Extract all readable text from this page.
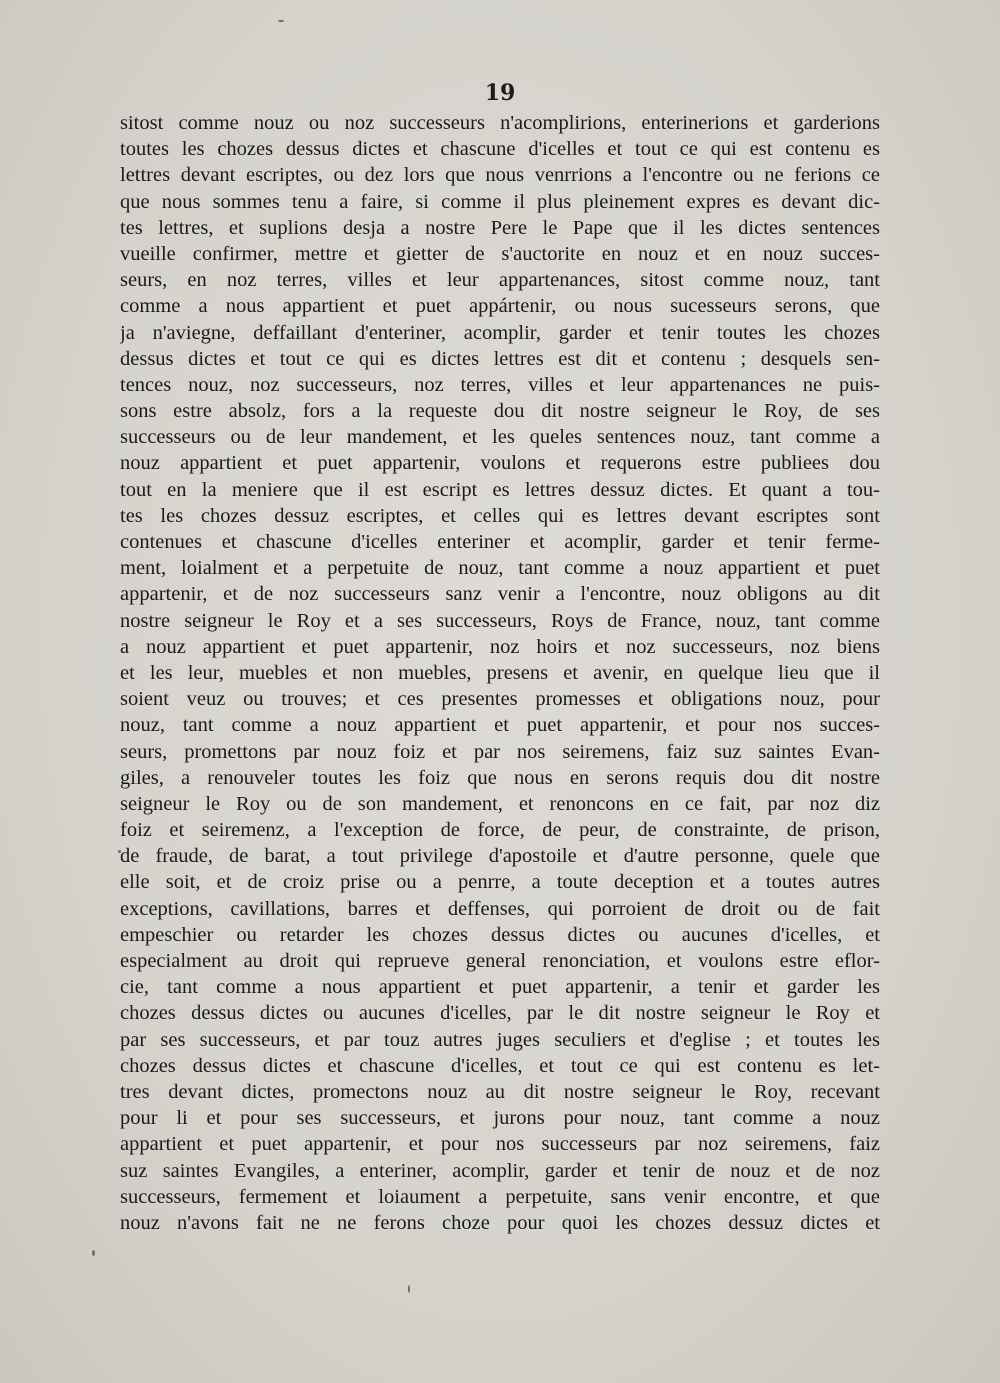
19
sitost comme nouz ou noz successeurs n'acomplirions, enterinerions et garderions
toutes les chozes dessus dictes et chascune d'icelles et tout ce qui est contenu es
lettres devant escriptes, ou dez lors que nous venrrions a l'encontre ou ne ferions ce
que nous sommes tenu a faire, si comme il plus pleinement expres es devant dic-
tes lettres, et suplions desja a nostre Pere le Pape que il les dictes sentences
vueille confirmer, mettre et gietter de s'auctorite en nouz et en nouz succes-
seurs, en noz terres, villes et leur appartenances, sitost comme nouz, tant
comme a nous appartient et puet appártenir, ou nous sucesseurs serons, que
ja n'aviegne, deffaillant d'enteriner, acomplir, garder et tenir toutes les chozes
dessus dictes et tout ce qui es dictes lettres est dit et contenu ; desquels sen-
tences nouz, noz successeurs, noz terres, villes et leur appartenances ne puis-
sons estre absolz, fors a la requeste dou dit nostre seigneur le Roy, de ses
successeurs ou de leur mandement, et les queles sentences nouz, tant comme a
nouz appartient et puet appartenir, voulons et requerons estre publiees dou
tout en la meniere que il est escript es lettres dessuz dictes. Et quant a tou-
tes les chozes dessuz escriptes, et celles qui es lettres devant escriptes sont
contenues et chascune d'icelles enteriner et acomplir, garder et tenir ferme-
ment, loialment et a perpetuite de nouz, tant comme a nouz appartient et puet
appartenir, et de noz successeurs sanz venir a l'encontre, nouz obligons au dit
nostre seigneur le Roy et a ses successeurs, Roys de France, nouz, tant comme
a nouz appartient et puet appartenir, noz hoirs et noz successeurs, noz biens
et les leur, muebles et non muebles, presens et avenir, en quelque lieu que il
soient veuz ou trouves; et ces presentes promesses et obligations nouz, pour
nouz, tant comme a nouz appartient et puet appartenir, et pour nos succes-
seurs, promettons par nouz foiz et par nos seiremens, faiz suz saintes Evan-
giles, a renouveler toutes les foiz que nous en serons requis dou dit nostre
seigneur le Roy ou de son mandement, et renoncons en ce fait, par noz diz
foiz et seiremenz, a l'exception de force, de peur, de constrainte, de prison,
de fraude, de barat, a tout privilege d'apostoile et d'autre personne, quele que
elle soit, et de croiz prise ou a penrre, a toute deception et a toutes autres
exceptions, cavillations, barres et deffenses, qui porroient de droit ou de fait
empeschier ou retarder les chozes dessus dictes ou aucunes d'icelles, et
especialment au droit qui reprueve general renonciation, et voulons estre eflor-
cie, tant comme a nous appartient et puet appartenir, a tenir et garder les
chozes dessus dictes ou aucunes d'icelles, par le dit nostre seigneur le Roy et
par ses successeurs, et par touz autres juges seculiers et d'eglise ; et toutes les
chozes dessus dictes et chascune d'icelles, et tout ce qui est contenu es let-
tres devant dictes, promectons nouz au dit nostre seigneur le Roy, recevant
pour li et pour ses successeurs, et jurons pour nouz, tant comme a nouz
appartient et puet appartenir, et pour nos successeurs par noz seiremens, faiz
suz saintes Evangiles, a enteriner, acomplir, garder et tenir de nouz et de noz
successeurs, fermement et loiaument a perpetuite, sans venir encontre, et que
nouz n'avons fait ne ne ferons choze pour quoi les chozes dessuz dictes et
